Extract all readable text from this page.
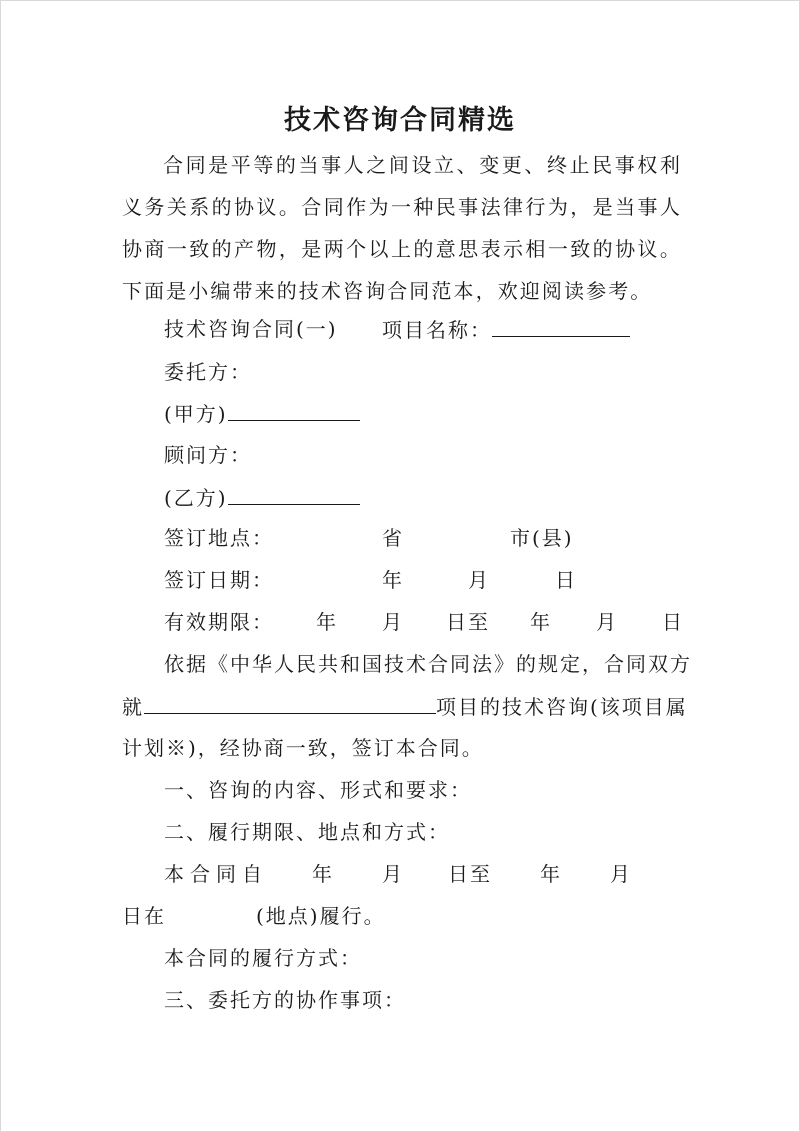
技术咨询合同精选

合同是平等的当事人之间设立、变更、终止民事权利义务关系的协议。合同作为一种民事法律行为，是当事人协商一致的产物，是两个以上的意思表示相一致的协议。下面是小编带来的技术咨询合同范本，欢迎阅读参考。

技术咨询合同(一) 项目名称：
委托方：
(甲方)
顾问方：
(乙方)
签订地点：	省	市(县)
签订日期：	年	月	日
有效期限： 年 月 日至 年 月 日
依据《中华人民共和国技术合同法》的规定，合同双方
就	项目的技术咨询(该项目属
计划※)，经协商一致，签订本合同。
一、咨询的内容、形式和要求：
二、履行期限、地点和方式：
本合同自 年 月 日至 年 月
日在	(地点)履行。
本合同的履行方式：
三、委托方的协作事项：
